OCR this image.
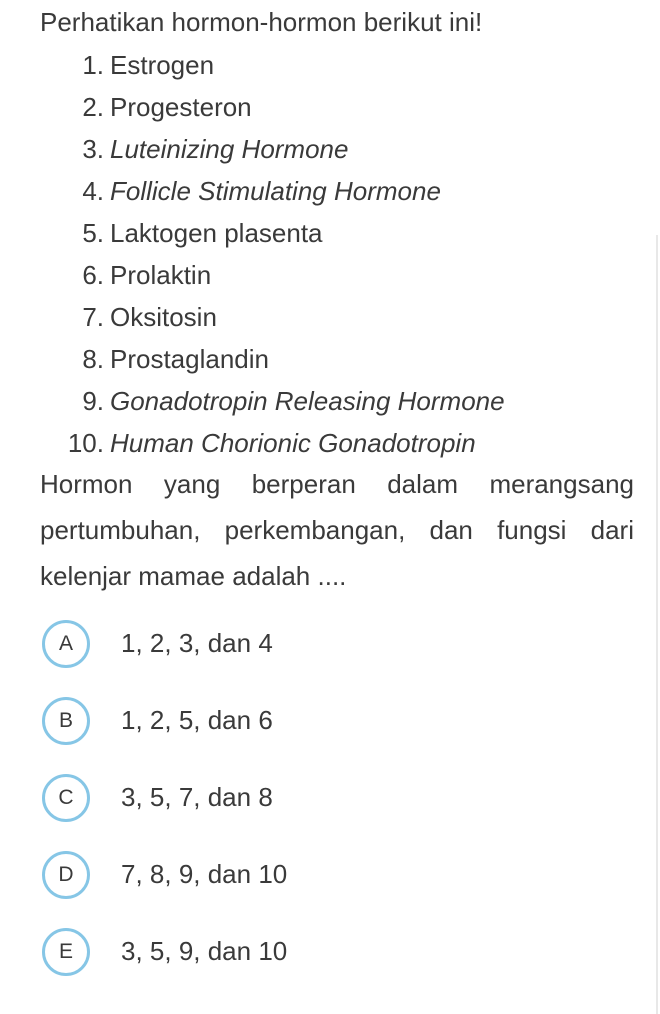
Perhatikan hormon-hormon berikut ini!

1. Estrogen
2. Progesteron
3. Luteinizing Hormone
4. Follicle Stimulating Hormone
5. Laktogen plasenta
6. Prolaktin
7. Oksitosin
8. Prostaglandin
9. Gonadotropin Releasing Hormone
10. Human Chorionic Gonadotropin

Hormon yang berperan dalam merangsang pertumbuhan, perkembangan, dan fungsi dari kelenjar mamae adalah ....

A	1, 2, 3, dan 4
B	1, 2, 5, dan 6
C	3, 5, 7, dan 8
D	7, 8, 9, dan 10
E	3, 5, 9, dan 10
